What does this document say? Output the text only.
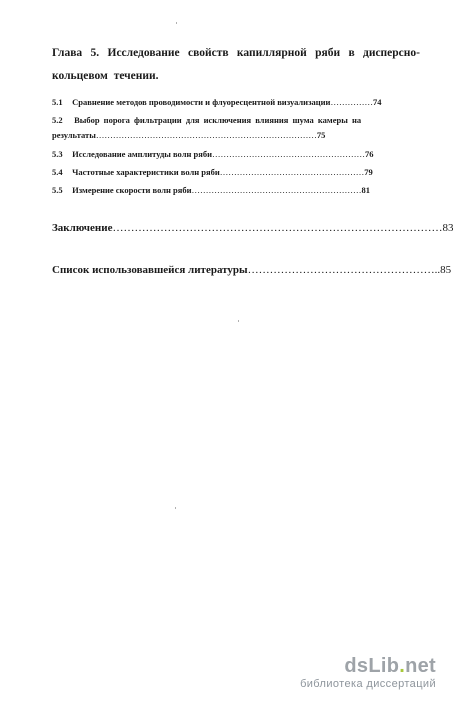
Глава 5. Исследование свойств капиллярной ряби в дисперсно-кольцевом течении.
5.1 Сравнение методов проводимости и флуоресцентной визуализации……………74
5.2 Выбор порога фильтрации для исключения влияния шума камеры на
результаты……………………………………………………………………75
5.3 Исследование амплитуды волн ряби………………………………………………76
5.4 Частотные характеристики волн ряби……………………………………………79
5.5 Измерение скорости волн ряби……………………………………………………81
Заключение………………………………………………………………………………83
Список использовавшейся литературы……………………………………………..85
dsLib.net
библиотека диссертаций
